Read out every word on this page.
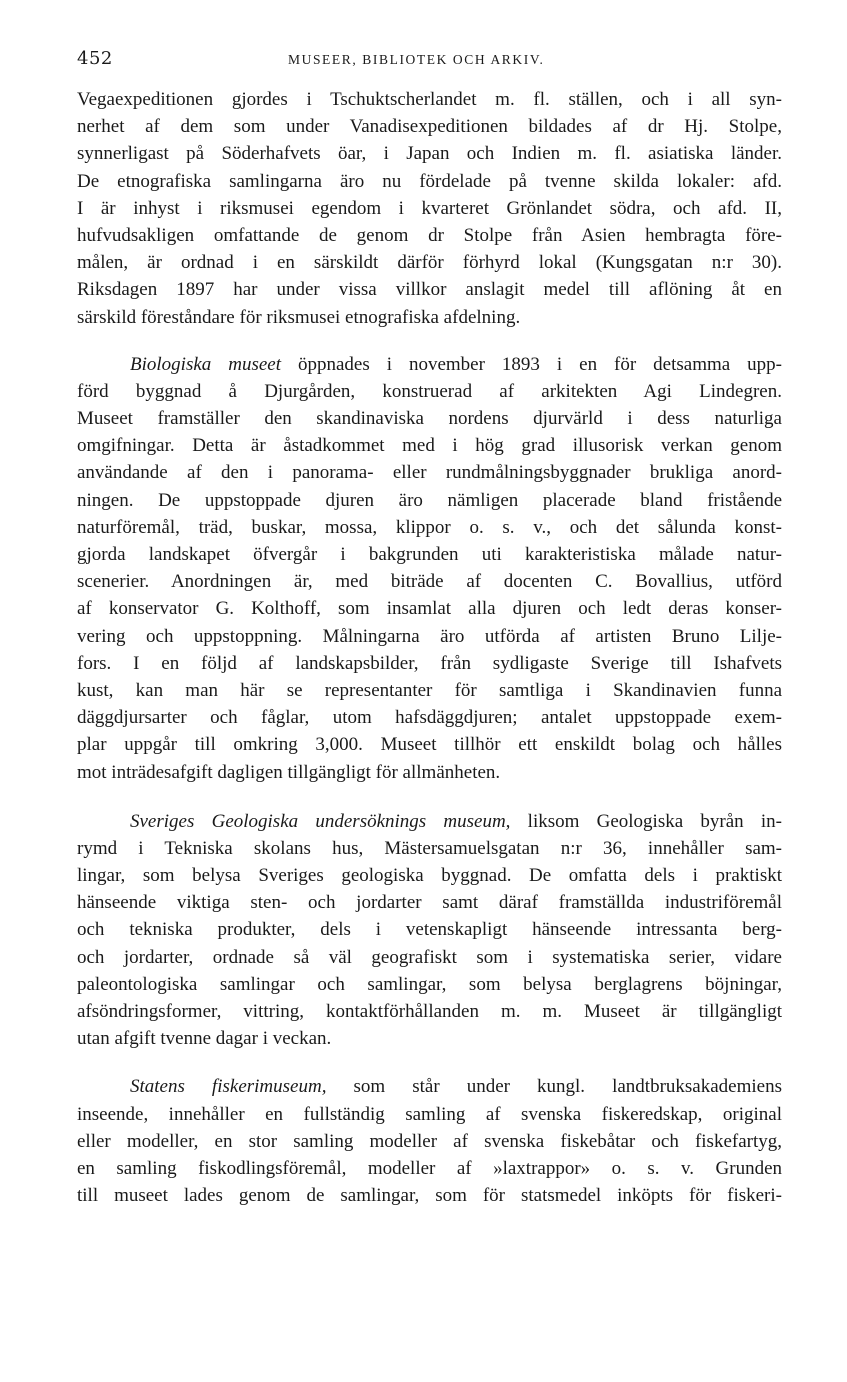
452	MUSEER, BIBLIOTEK OCH ARKIV.
Vegaexpeditionen gjordes i Tschuktscherlandet m. fl. ställen, och i all syn-
nerhet af dem som under Vanadisexpeditionen bildades af dr Hj. Stolpe,
synnerligast på Söderhafvets öar, i Japan och Indien m. fl. asiatiska länder.
De etnografiska samlingarna äro nu fördelade på tvenne skilda lokaler: afd.
I är inhyst i riksmusei egendom i kvarteret Grönlandet södra, och afd. II,
hufvudsakligen omfattande de genom dr Stolpe från Asien hembragta före-
målen, är ordnad i en särskildt därför förhyrd lokal (Kungsgatan n:r 30).
Riksdagen 1897 har under vissa villkor anslagit medel till aflöning åt en
särskild föreståndare för riksmusei etnografiska afdelning.
Biologiska museet öppnades i november 1893 i en för detsamma upp-
förd byggnad å Djurgården, konstruerad af arkitekten Agi Lindegren.
Museet framställer den skandinaviska nordens djurvärld i dess naturliga
omgifningar. Detta är åstadkommet med i hög grad illusorisk verkan genom
användande af den i panorama- eller rundmålningsbyggnader brukliga anord-
ningen. De uppstoppade djuren äro nämligen placerade bland fristående
naturföremål, träd, buskar, mossa, klippor o. s. v., och det sålunda konst-
gjorda landskapet öfvergår i bakgrunden uti karakteristiska målade natur-
scenerier. Anordningen är, med biträde af docenten C. Bovallius, utförd
af konservator G. Kolthoff, som insamlat alla djuren och ledt deras konser-
vering och uppstoppning. Målningarna äro utförda af artisten Bruno Lilje-
fors. I en följd af landskapsbilder, från sydligaste Sverige till Ishafvets
kust, kan man här se representanter för samtliga i Skandinavien funna
däggdjursarter och fåglar, utom hafsdäggdjuren; antalet uppstoppade exem-
plar uppgår till omkring 3,000. Museet tillhör ett enskildt bolag och hålles
mot inträdesafgift dagligen tillgängligt för allmänheten.
Sveriges Geologiska undersöknings museum, liksom Geologiska byrån in-
rymd i Tekniska skolans hus, Mästersamuelsgatan n:r 36, innehåller sam-
lingar, som belysa Sveriges geologiska byggnad. De omfatta dels i praktiskt
hänseende viktiga sten- och jordarter samt däraf framställda industriföremål
och tekniska produkter, dels i vetenskapligt hänseende intressanta berg-
och jordarter, ordnade så väl geografiskt som i systematiska serier, vidare
paleontologiska samlingar och samlingar, som belysa berglagrens böjningar,
afsöndringsformer, vittring, kontaktförhållanden m. m. Museet är tillgängligt
utan afgift tvenne dagar i veckan.
Statens fiskerimuseum, som står under kungl. landtbruksakademiens
inseende, innehåller en fullständig samling af svenska fiskeredskap, original
eller modeller, en stor samling modeller af svenska fiskebåtar och fiskefartyg,
en samling fiskodlingsföremål, modeller af »laxtrappor» o. s. v. Grunden
till museet lades genom de samlingar, som för statsmedel inköpts för fiskeri-
